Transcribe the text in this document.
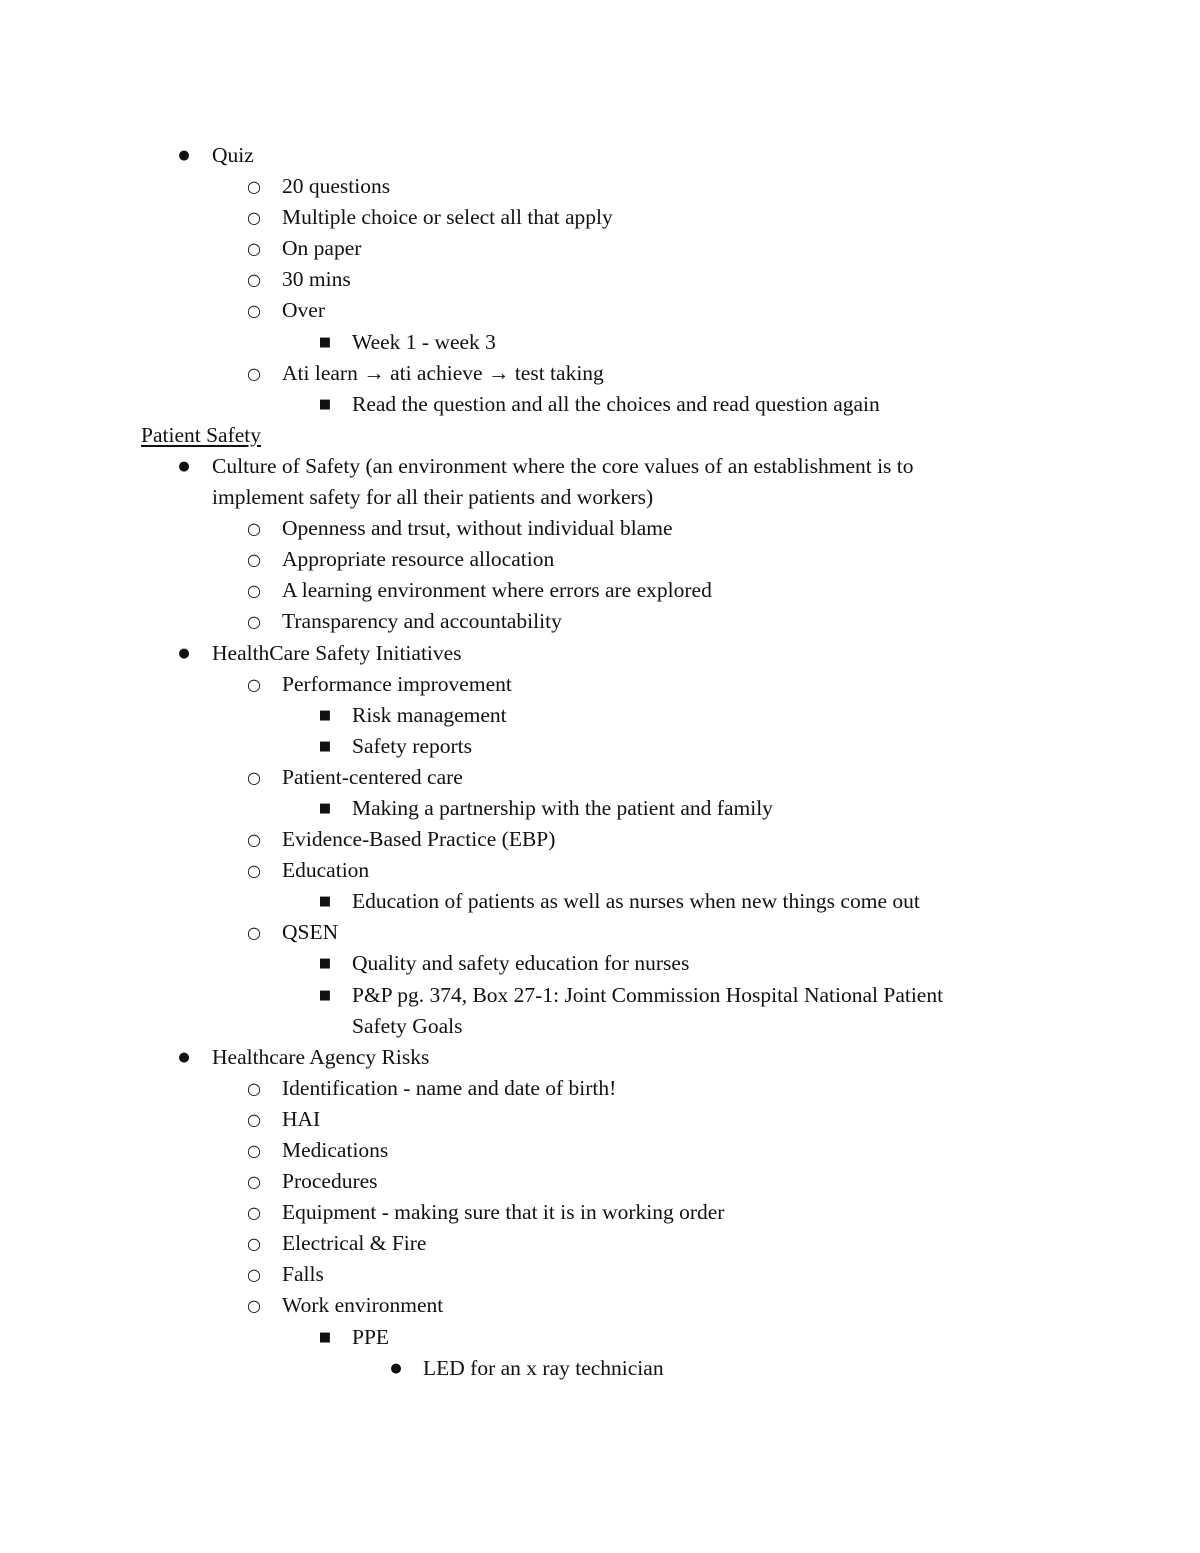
● Quiz
○ 20 questions
○ Multiple choice or select all that apply
○ On paper
○ 30 mins
○ Over
■ Week 1 - week 3
○ Ati learn → ati achieve → test taking
■ Read the question and all the choices and read question again
Patient Safety
● Culture of Safety (an environment where the core values of an establishment is to
implement safety for all their patients and workers)
○ Openness and trsut, without individual blame
○ Appropriate resource allocation
○ A learning environment where errors are explored
○ Transparency and accountability
● HealthCare Safety Initiatives
○ Performance improvement
■ Risk management
■ Safety reports
○ Patient-centered care
■ Making a partnership with the patient and family
○ Evidence-Based Practice (EBP)
○ Education
■ Education of patients as well as nurses when new things come out
○ QSEN
■ Quality and safety education for nurses
■ P&P pg. 374, Box 27-1: Joint Commission Hospital National Patient
Safety Goals
● Healthcare Agency Risks
○ Identification - name and date of birth!
○ HAI
○ Medications
○ Procedures
○ Equipment - making sure that it is in working order
○ Electrical & Fire
○ Falls
○ Work environment
■ PPE
● LED for an x ray technician
